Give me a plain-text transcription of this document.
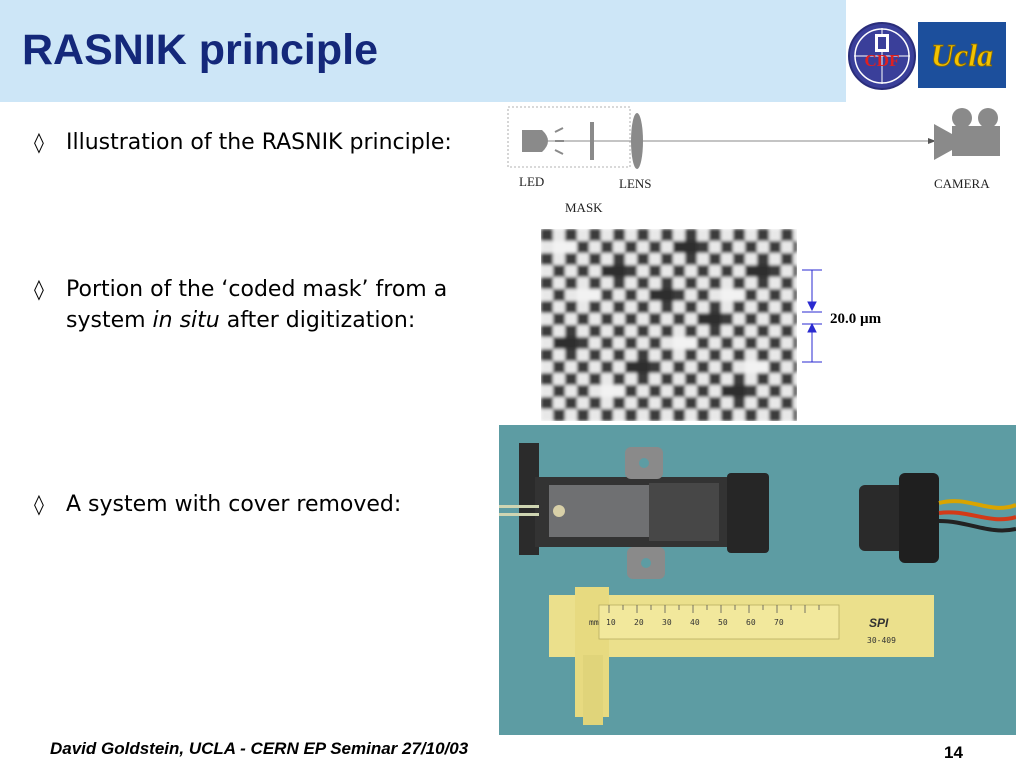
RASNIK principle	CDF Ucla
◊ Illustration of the RASNIK principle:
◊ Portion of the ‘coded mask’ from a
system in situ after digitization:
◊ A system with cover removed:
LED
MASK
LENS	CAMERA
20.0 µm
mm 10 20 30 40 50 60 70	SPI
30-409
David Goldstein, UCLA - CERN EP Seminar 27/10/03	14
